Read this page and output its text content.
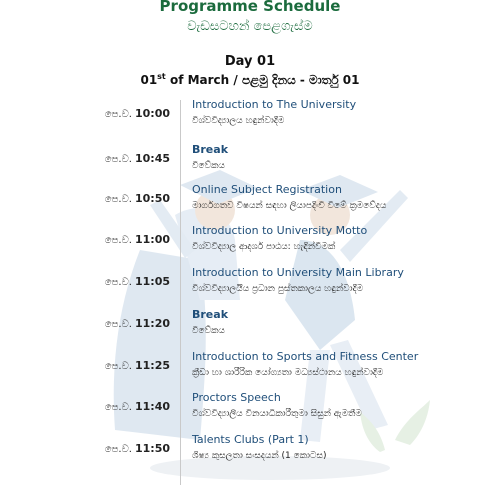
Programme Schedule
වැඩසටහන් පෙළගැස්ම
Day 01
01st of March / පළමු දිනය - මාර්තු 01
පෙ.ව. 10:00
Introduction to The University
විශ්වවිද්‍යාලය හඳුන්වාදීම
පෙ.ව. 10:45
Break
විවේකය
පෙ.ව. 10:50
Online Subject Registration
මාර්ගගතව විෂයන් සඳහා ලියාපදිංචි වීමේ ක්‍රමවේදය
පෙ.ව. 11:00
Introduction to University Motto
විශ්වවිද්‍යාල ආදර්ශ පාඨය: හැඳින්වීමක්
පෙ.ව. 11:05
Introduction to University Main Library
විශ්වවිද්‍යාලයීය ප්‍රධාන පුස්තකාලය හඳුන්වාදීම
පෙ.ව. 11:20
Break
විවේකය
පෙ.ව. 11:25
Introduction to Sports and Fitness Center
ක්‍රීඩා හා ශාරීරික යෝග්‍යතා මධ්‍යස්ථානය හඳුන්වාදීම
පෙ.ව. 11:40
Proctors Speech
විශ්වවිද්‍යාලීය විනයාධිකාරීතුමා සිසුන් ඇමතීම
පෙ.ව. 11:50
Talents Clubs (Part 1)
ශිෂ්‍ය කුසලතා සංසදයන් (1 කොටස)
